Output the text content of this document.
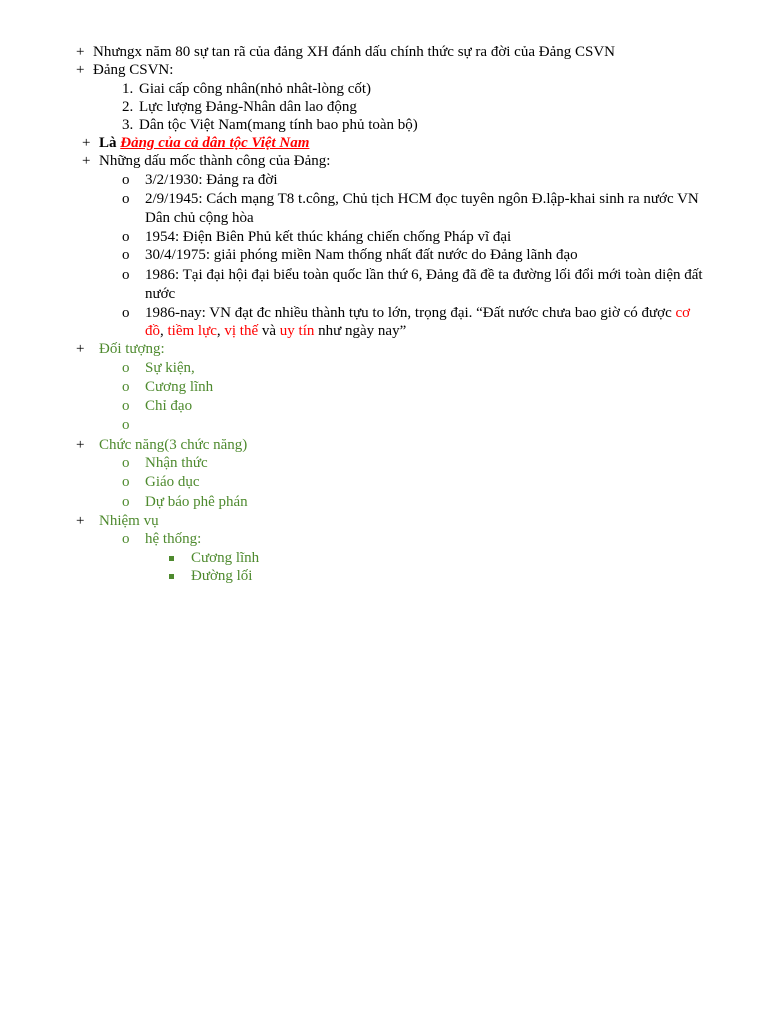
+ Nhưngx năm 80 sự tan rã của đảng XH đánh dấu chính thức sự ra đời của Đảng CSVN
+ Đảng CSVN:
1. Giai cấp công nhân(nhỏ nhât-lòng cốt)
2. Lực lượng Đảng-Nhân dân lao động
3. Dân tộc Việt Nam(mang tính bao phủ toàn bộ)
+ Là Đảng của cả dân tộc Việt Nam
+ Những dấu mốc thành công của Đảng:
o 3/2/1930: Đảng ra đời
o 2/9/1945: Cách mạng T8 t.công, Chủ tịch HCM đọc tuyên ngôn Đ.lập-khai sinh ra nước VN
Dân chủ cộng hòa
o 1954: Điện Biên Phủ kết thúc kháng chiến chống Pháp vĩ đại
o 30/4/1975: giải phóng miền Nam thống nhất đất nước do Đảng lãnh đạo
o 1986: Tại đại hội đại biểu toàn quốc lần thứ 6, Đảng đã đề ta đường lối đổi mới toàn diện đất
nước
o 1986-nay: VN đạt đc nhiều thành tựu to lớn, trọng đại. “Đất nước chưa bao giờ có được cơ
đồ, tiềm lực, vị thế và uy tín như ngày nay”
+ Đối tượng:
o Sự kiện,
o Cương lĩnh
o Chỉ đạo
o
+ Chức năng(3 chức năng)
o Nhận thức
o Giáo dục
o Dự báo phê phán
+ Nhiệm vụ
o hệ thống:
Cương lĩnh
Đường lối
